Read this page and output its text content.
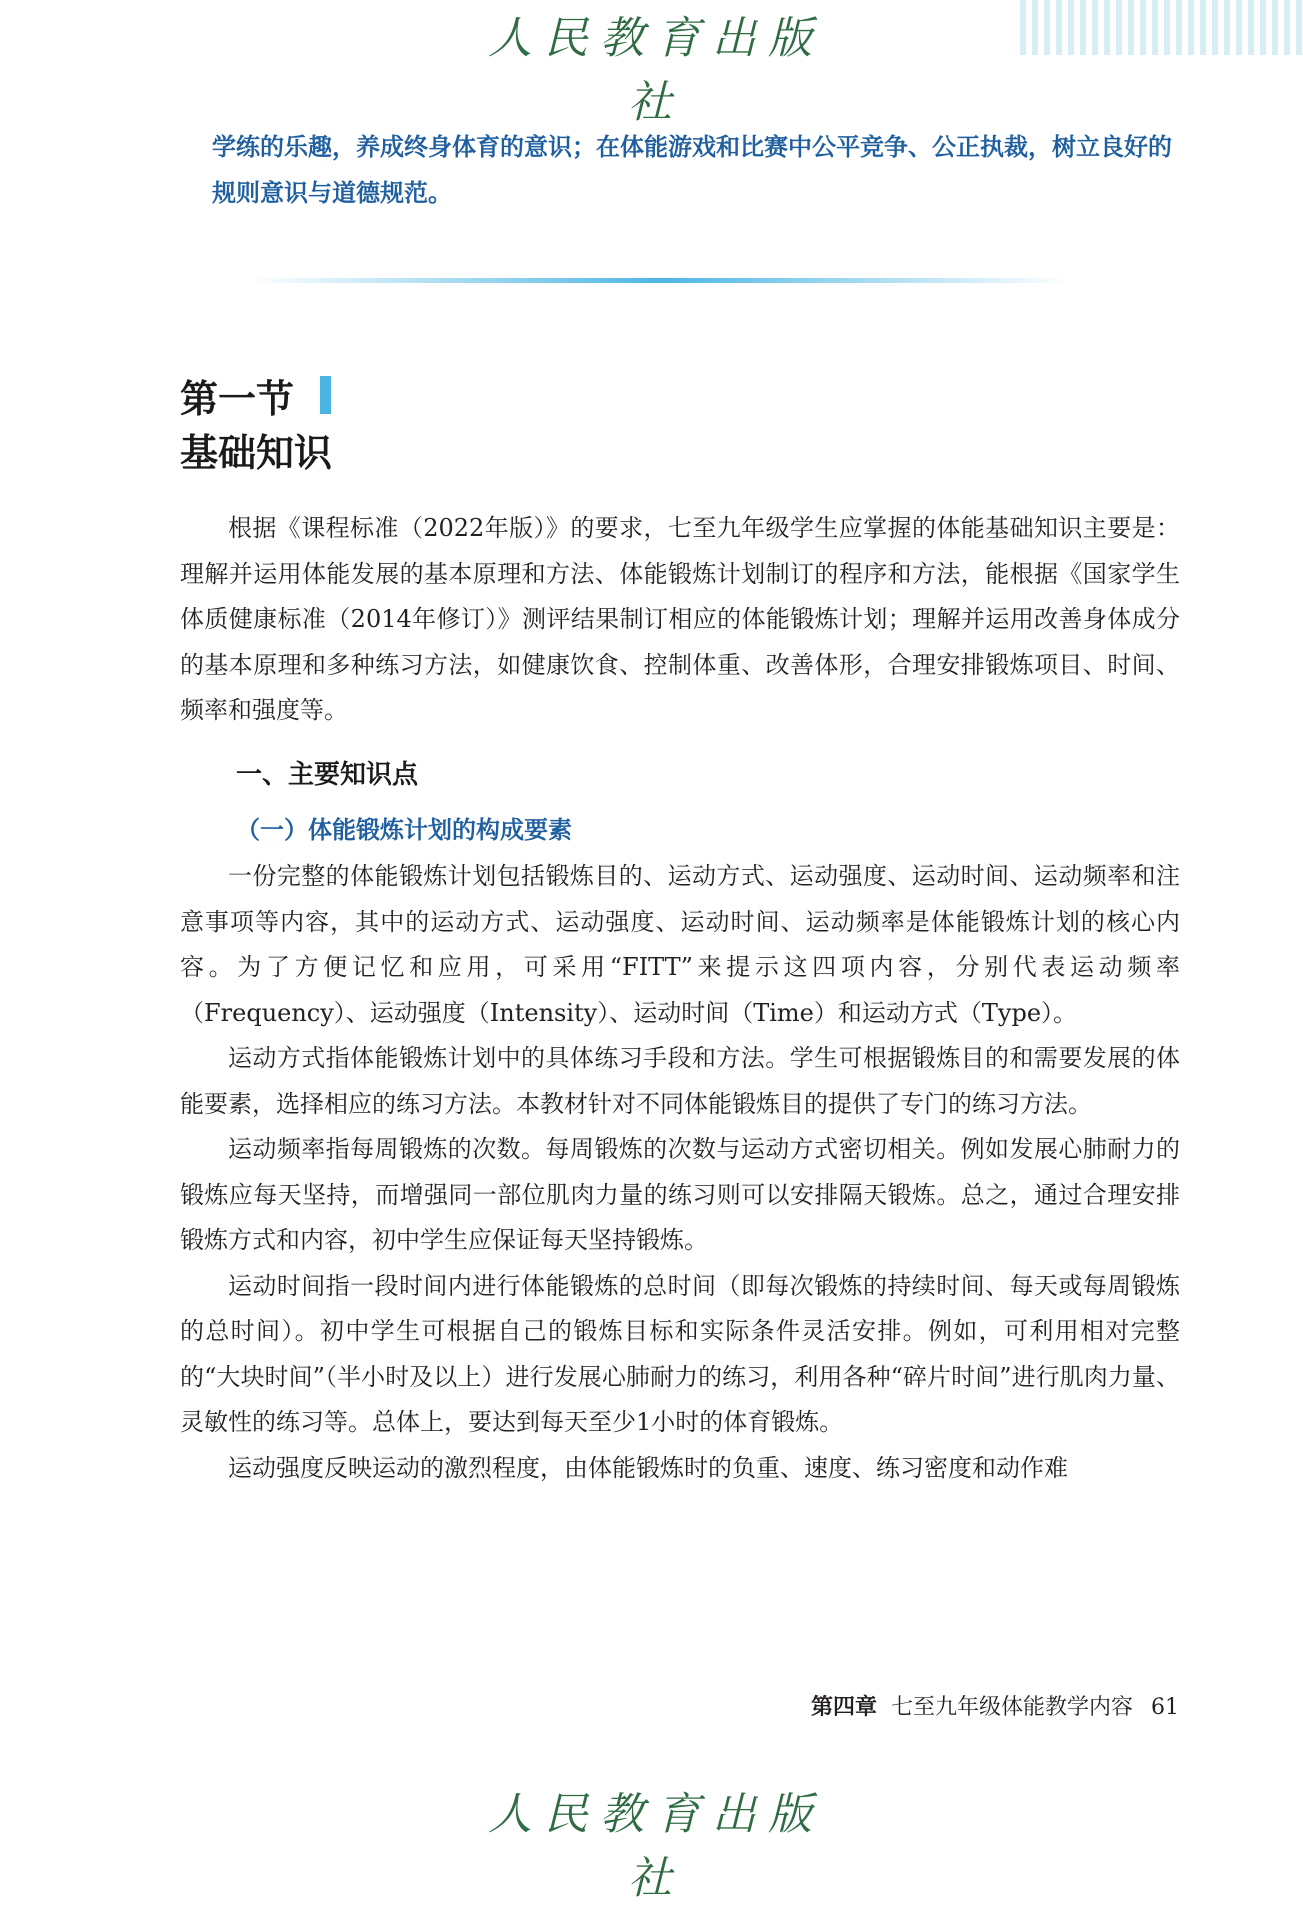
人民教育出版社
学练的乐趣，养成终身体育的意识；在体能游戏和比赛中公平竞争、公正执裁，树立良好的规则意识与道德规范。
第一节
基础知识

根据《课程标准（2022年版）》的要求，七至九年级学生应掌握的体能基础知识主要是：理解并运用体能发展的基本原理和方法、体能锻炼计划制订的程序和方法，能根据《国家学生体质健康标准（2014年修订）》测评结果制订相应的体能锻炼计划；理解并运用改善身体成分的基本原理和多种练习方法，如健康饮食、控制体重、改善体形，合理安排锻炼项目、时间、频率和强度等。

一、主要知识点
（一）体能锻炼计划的构成要素

一份完整的体能锻炼计划包括锻炼目的、运动方式、运动强度、运动时间、运动频率和注意事项等内容，其中的运动方式、运动强度、运动时间、运动频率是体能锻炼计划的核心内容。为了方便记忆和应用，可采用“FITT”来提示这四项内容，分别代表运动频率（Frequency）、运动强度（Intensity）、运动时间（Time）和运动方式（Type）。

运动方式指体能锻炼计划中的具体练习手段和方法。学生可根据锻炼目的和需要发展的体能要素，选择相应的练习方法。本教材针对不同体能锻炼目的提供了专门的练习方法。

运动频率指每周锻炼的次数。每周锻炼的次数与运动方式密切相关。例如发展心肺耐力的锻炼应每天坚持，而增强同一部位肌肉力量的练习则可以安排隔天锻炼。总之，通过合理安排锻炼方式和内容，初中学生应保证每天坚持锻炼。

运动时间指一段时间内进行体能锻炼的总时间（即每次锻炼的持续时间、每天或每周锻炼的总时间）。初中学生可根据自己的锻炼目标和实际条件灵活安排。例如，可利用相对完整的“大块时间”（半小时及以上）进行发展心肺耐力的练习，利用各种“碎片时间”进行肌肉力量、灵敏性的练习等。总体上，要达到每天至少1小时的体育锻炼。

运动强度反映运动的激烈程度，由体能锻炼时的负重、速度、练习密度和动作难

第四章 七至九年级体能教学内容 61
人民教育出版社
